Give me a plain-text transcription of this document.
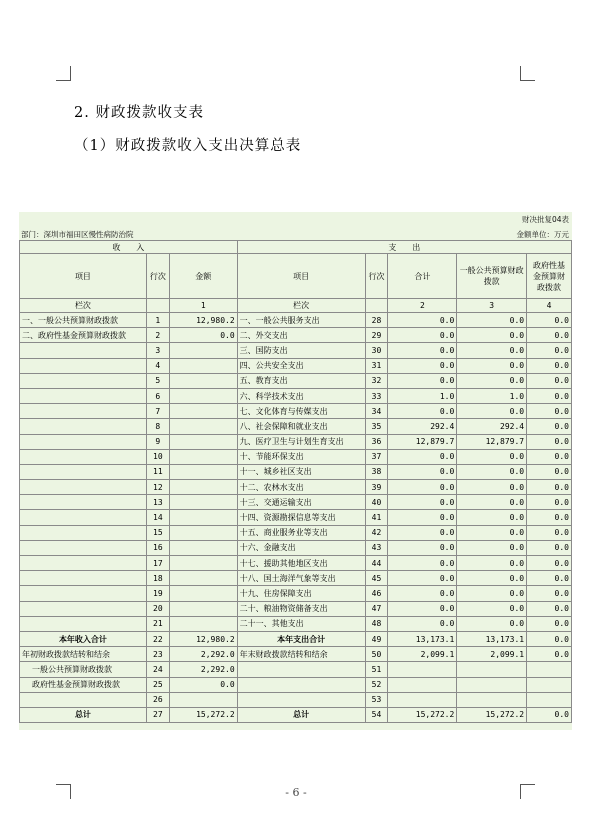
2. 财政拨款收支表
（1）财政拨款收入支出决算总表
财决批复04表
部门：深圳市福田区慢性病防治院	金额单位：万元
收　　入			支　　出				
项目	行次	金额	项目	行次	合计	一般公共预算财政拨款	政府性基金预算财政拨款
栏次		1	栏次		2	3	4
一、一般公共预算财政拨款	1	12,980.2	一、一般公共服务支出	28	0.0	0.0	0.0
二、政府性基金预算财政拨款	2	0.0	二、外交支出	29	0.0	0.0	0.0
	3		三、国防支出	30	0.0	0.0	0.0
	4		四、公共安全支出	31	0.0	0.0	0.0
	5		五、教育支出	32	0.0	0.0	0.0
	6		六、科学技术支出	33	1.0	1.0	0.0
	7		七、文化体育与传媒支出	34	0.0	0.0	0.0
	8		八、社会保障和就业支出	35	292.4	292.4	0.0
	9		九、医疗卫生与计划生育支出	36	12,879.7	12,879.7	0.0
	10		十、节能环保支出	37	0.0	0.0	0.0
	11		十一、城乡社区支出	38	0.0	0.0	0.0
	12		十二、农林水支出	39	0.0	0.0	0.0
	13		十三、交通运输支出	40	0.0	0.0	0.0
	14		十四、资源勘探信息等支出	41	0.0	0.0	0.0
	15		十五、商业服务业等支出	42	0.0	0.0	0.0
	16		十六、金融支出	43	0.0	0.0	0.0
	17		十七、援助其他地区支出	44	0.0	0.0	0.0
	18		十八、国土海洋气象等支出	45	0.0	0.0	0.0
	19		十九、住房保障支出	46	0.0	0.0	0.0
	20		二十、粮油物资储备支出	47	0.0	0.0	0.0
	21		二十一、其他支出	48	0.0	0.0	0.0
本年收入合计	22	12,980.2	本年支出合计	49	13,173.1	13,173.1	0.0
年初财政拨款结转和结余	23	2,292.0	年末财政拨款结转和结余	50	2,099.1	2,099.1	0.0
一般公共预算财政拨款	24	2,292.0		51			
政府性基金预算财政拨款	25	0.0		52			
	26			53			
总计	27	15,272.2	总计	54	15,272.2	15,272.2	0.0
- 6 -
